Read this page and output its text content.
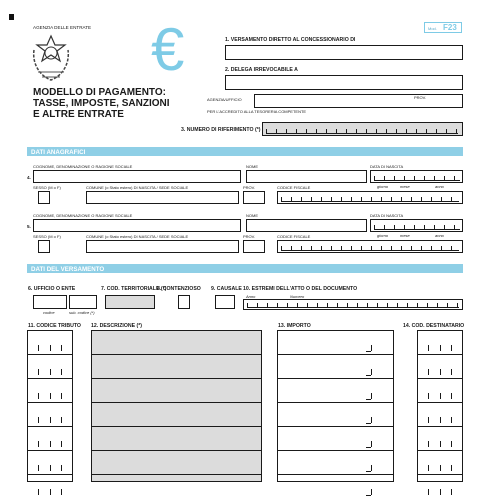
AGENZIA DELLE ENTRATE
MODELLO DI PAGAMENTO:
TASSE, IMPOSTE, SANZIONI
E ALTRE ENTRATE
€	Mod. F23
1. VERSAMENTO DIRETTO AL CONCESSIONARIO DI
2. DELEGA IRREVOCABILE A
AGENZIA/UFFICIO	PROV.
PER L'ACCREDITO ALLA TESORERIA COMPETENTE
3. NUMERO DI RIFERIMENTO (*)
DATI ANAGRAFICI
COGNOME, DENOMINAZIONE O RAGIONE SOCIALE	NOME	DATA DI NASCITA
4.
giorno	mese	anno
SESSO (M o F)	COMUNE (o Stato estero) DI NASCITA / SEDE SOCIALE	PROV.	CODICE FISCALE
COGNOME, DENOMINAZIONE O RAGIONE SOCIALE	NOME	DATA DI NASCITA
5.
giorno	mese	anno
SESSO (M o F)	COMUNE (o Stato estero) DI NASCITA / SEDE SOCIALE	PROV.	CODICE FISCALE
DATI DEL VERSAMENTO
6. UFFICIO O ENTE
codice	sub. codice (*)
7. COD. TERRITORIALE (*)
8. CONTENZIOSO 9. CAUSALE 10. ESTREMI DELL'ATTO O DEL DOCUMENTO
Anno	Numero
11. CODICE TRIBUTO 12. DESCRIZIONE (*)	13. IMPORTO	14. COD. DESTINATARIO
